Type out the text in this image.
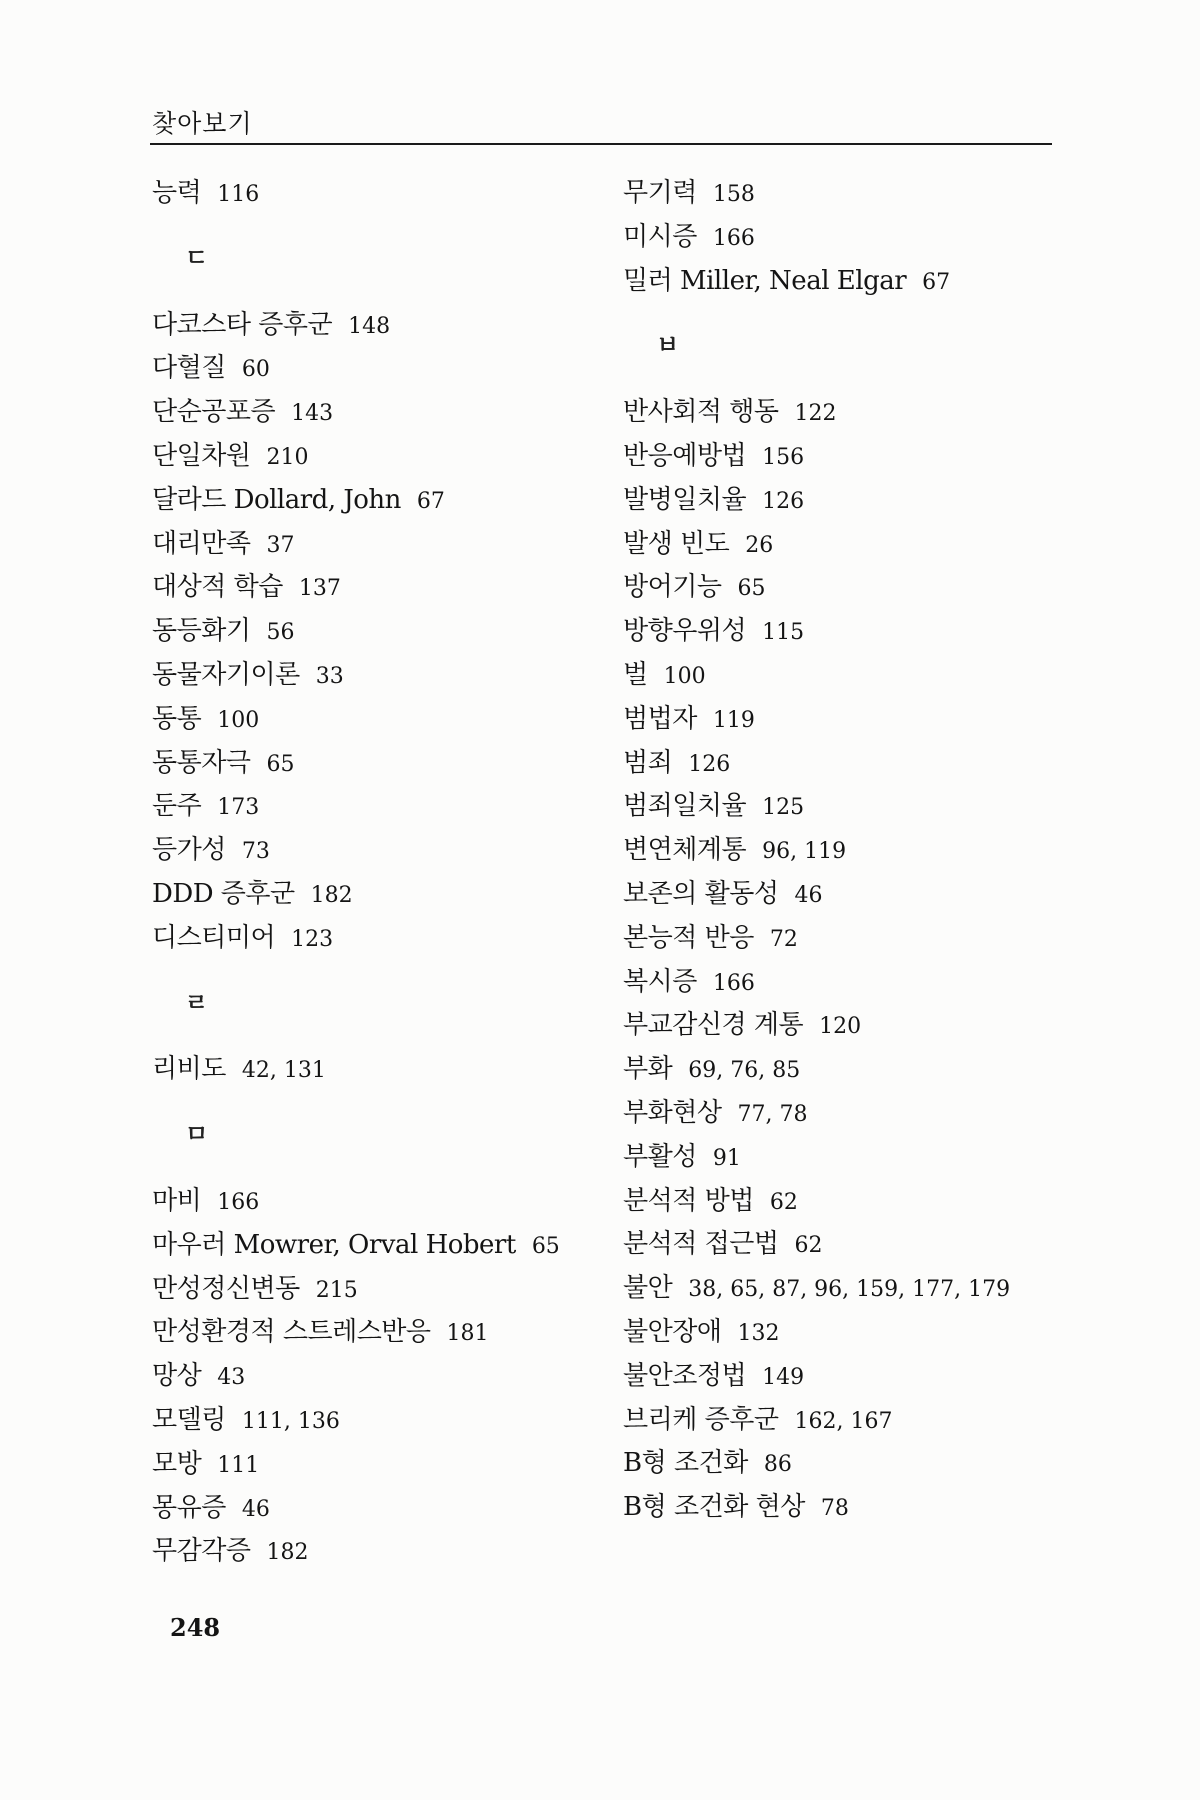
찾아보기
능력 116
ㄷ
다코스타 증후군 148
다혈질 60
단순공포증 143
단일차원 210
달라드 Dollard, John 67
대리만족 37
대상적 학습 137
동등화기 56
동물자기이론 33
동통 100
동통자극 65
둔주 173
등가성 73
DDD 증후군 182
디스티미어 123
ㄹ
리비도 42, 131
ㅁ
마비 166
마우러 Mowrer, Orval Hobert 65
만성정신변동 215
만성환경적 스트레스반응 181
망상 43
모델링 111, 136
모방 111
몽유증 46
무감각증 182
무기력 158
미시증 166
밀러 Miller, Neal Elgar 67
ㅂ
반사회적 행동 122
반응예방법 156
발병일치율 126
발생 빈도 26
방어기능 65
방향우위성 115
벌 100
범법자 119
범죄 126
범죄일치율 125
변연체계통 96, 119
보존의 활동성 46
본능적 반응 72
복시증 166
부교감신경 계통 120
부화 69, 76, 85
부화현상 77, 78
부활성 91
분석적 방법 62
분석적 접근법 62
불안 38, 65, 87, 96, 159, 177, 179
불안장애 132
불안조정법 149
브리케 증후군 162, 167
B형 조건화 86
B형 조건화 현상 78
248
